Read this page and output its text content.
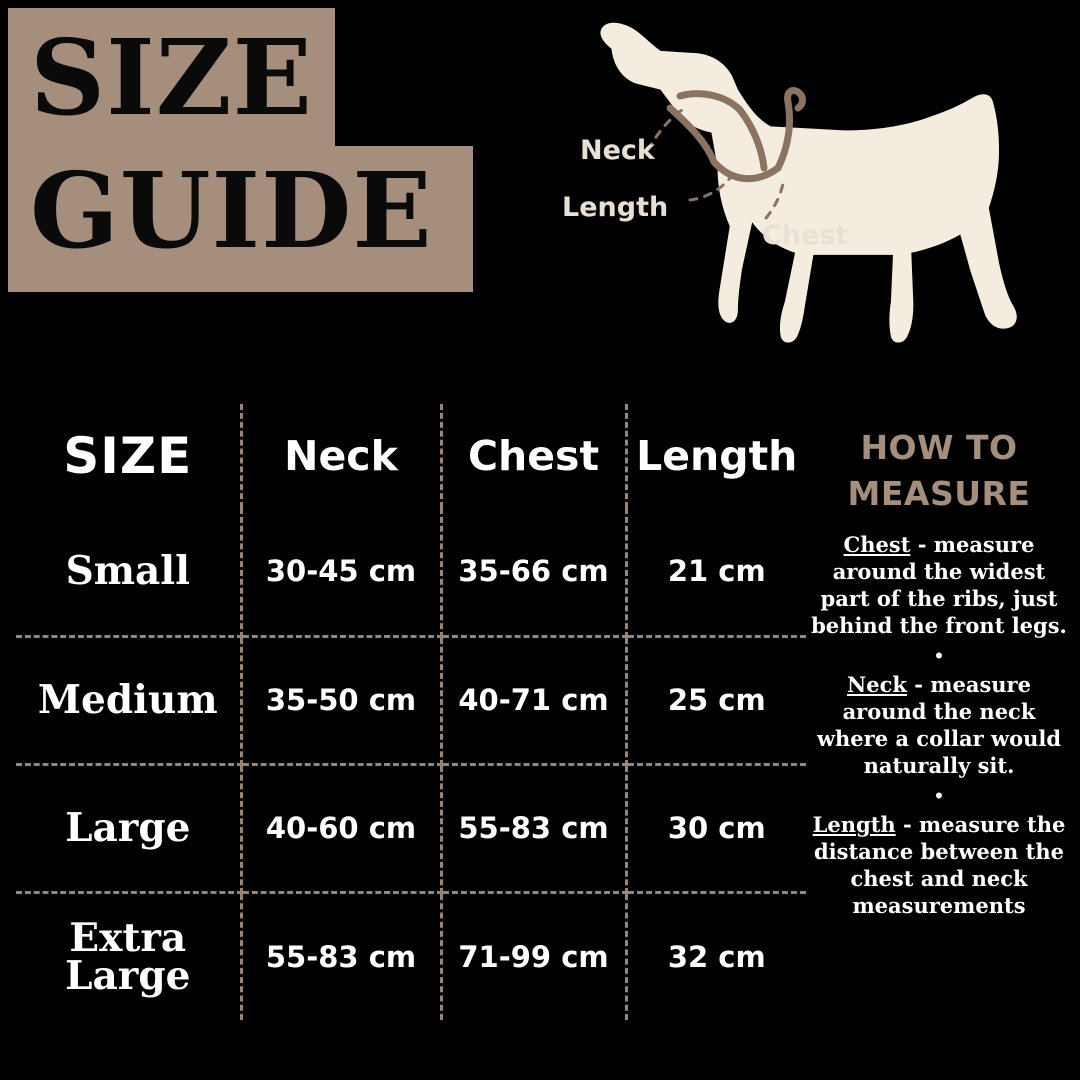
SIZE
GUIDE	Neck
Length
Chest
SIZE	Neck	Chest	Length
Small	30-45 cm	35-66 cm	21 cm
Medium	35-50 cm	40-71 cm	25 cm
Large	40-60 cm	55-83 cm	30 cm

Extra
Large	55-83 cm	71-99 cm	32 cm
HOW TO
MEASURE

Chest - measure around the widest part of the ribs, just behind the front legs.

•

Neck - measure around the neck where a collar would naturally sit.

•

Length - measure the distance between the chest and neck measurements
